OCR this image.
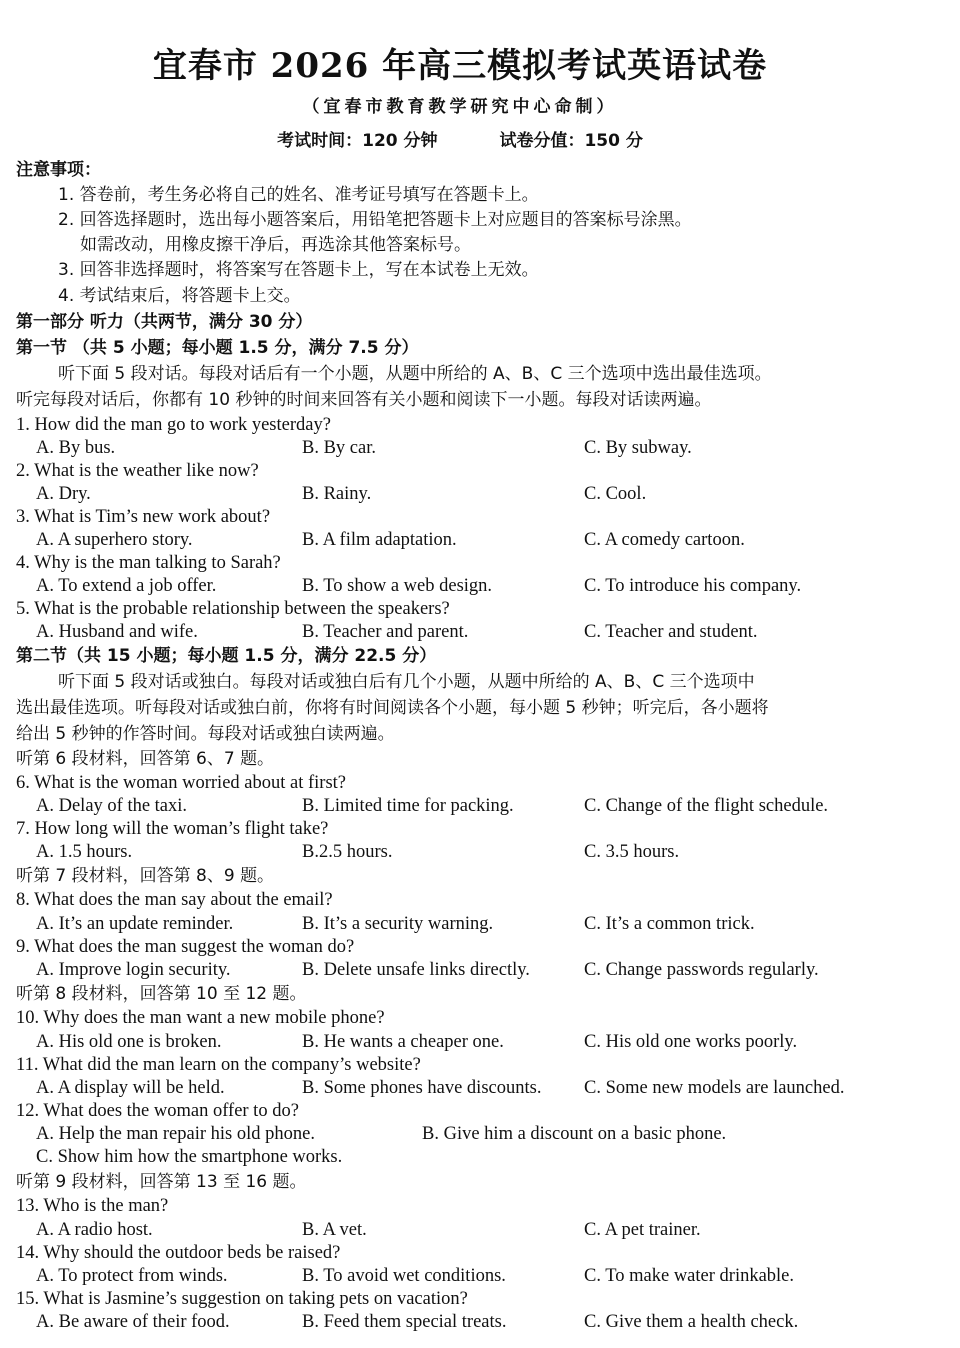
宜春市 2026 年高三模拟考试英语试卷
（宜春市教育教学研究中心命制）
考试时间：120 分钟	试卷分值：150 分
注意事项：
1. 答卷前，考生务必将自己的姓名、准考证号填写在答题卡上。
2. 回答选择题时，选出每小题答案后，用铅笔把答题卡上对应题目的答案标号涂黑。
如需改动，用橡皮擦干净后，再选涂其他答案标号。
3. 回答非选择题时，将答案写在答题卡上，写在本试卷上无效。
4. 考试结束后，将答题卡上交。
第一部分 听力（共两节，满分 30 分）
第一节 （共 5 小题；每小题 1.5 分，满分 7.5 分）
听下面 5 段对话。每段对话后有一个小题，从题中所给的 A、B、C 三个选项中选出最佳选项。
听完每段对话后，你都有 10 秒钟的时间来回答有关小题和阅读下一小题。每段对话读两遍。
1. How did the man go to work yesterday?
A. By bus.	B. By car.	C. By subway.
2. What is the weather like now?
A. Dry.	B. Rainy.	C. Cool.
3. What is Tim’s new work about?
A. A superhero story.	B. A film adaptation.	C. A comedy cartoon.
4. Why is the man talking to Sarah?
A. To extend a job offer.	B. To show a web design.	C. To introduce his company.
5. What is the probable relationship between the speakers?
A. Husband and wife.	B. Teacher and parent.	C. Teacher and student.
第二节（共 15 小题；每小题 1.5 分，满分 22.5 分）
听下面 5 段对话或独白。每段对话或独白后有几个小题，从题中所给的 A、B、C 三个选项中
选出最佳选项。听每段对话或独白前，你将有时间阅读各个小题，每小题 5 秒钟；听完后，各小题将
给出 5 秒钟的作答时间。每段对话或独白读两遍。
听第 6 段材料，回答第 6、7 题。
6. What is the woman worried about at first?
A. Delay of the taxi.	B. Limited time for packing.	C. Change of the flight schedule.
7. How long will the woman’s flight take?
A. 1.5 hours.	B.2.5 hours.	C. 3.5 hours.
听第 7 段材料，回答第 8、9 题。
8. What does the man say about the email?
A. It’s an update reminder.	B. It’s a security warning.	C. It’s a common trick.
9. What does the man suggest the woman do?
A. Improve login security.	B. Delete unsafe links directly.	C. Change passwords regularly.
听第 8 段材料，回答第 10 至 12 题。
10. Why does the man want a new mobile phone?
A. His old one is broken.	B. He wants a cheaper one.	C. His old one works poorly.
11. What did the man learn on the company’s website?
A. A display will be held.	B. Some phones have discounts. C. Some new models are launched.
12. What does the woman offer to do?
A. Help the man repair his old phone.	B. Give him a discount on a basic phone.
C. Show him how the smartphone works.
听第 9 段材料，回答第 13 至 16 题。
13. Who is the man?
A. A radio host.	B. A vet.	C. A pet trainer.
14. Why should the outdoor beds be raised?
A. To protect from winds.	B. To avoid wet conditions.	C. To make water drinkable.
15. What is Jasmine’s suggestion on taking pets on vacation?
A. Be aware of their food.	B. Feed them special treats.	C. Give them a health check.
